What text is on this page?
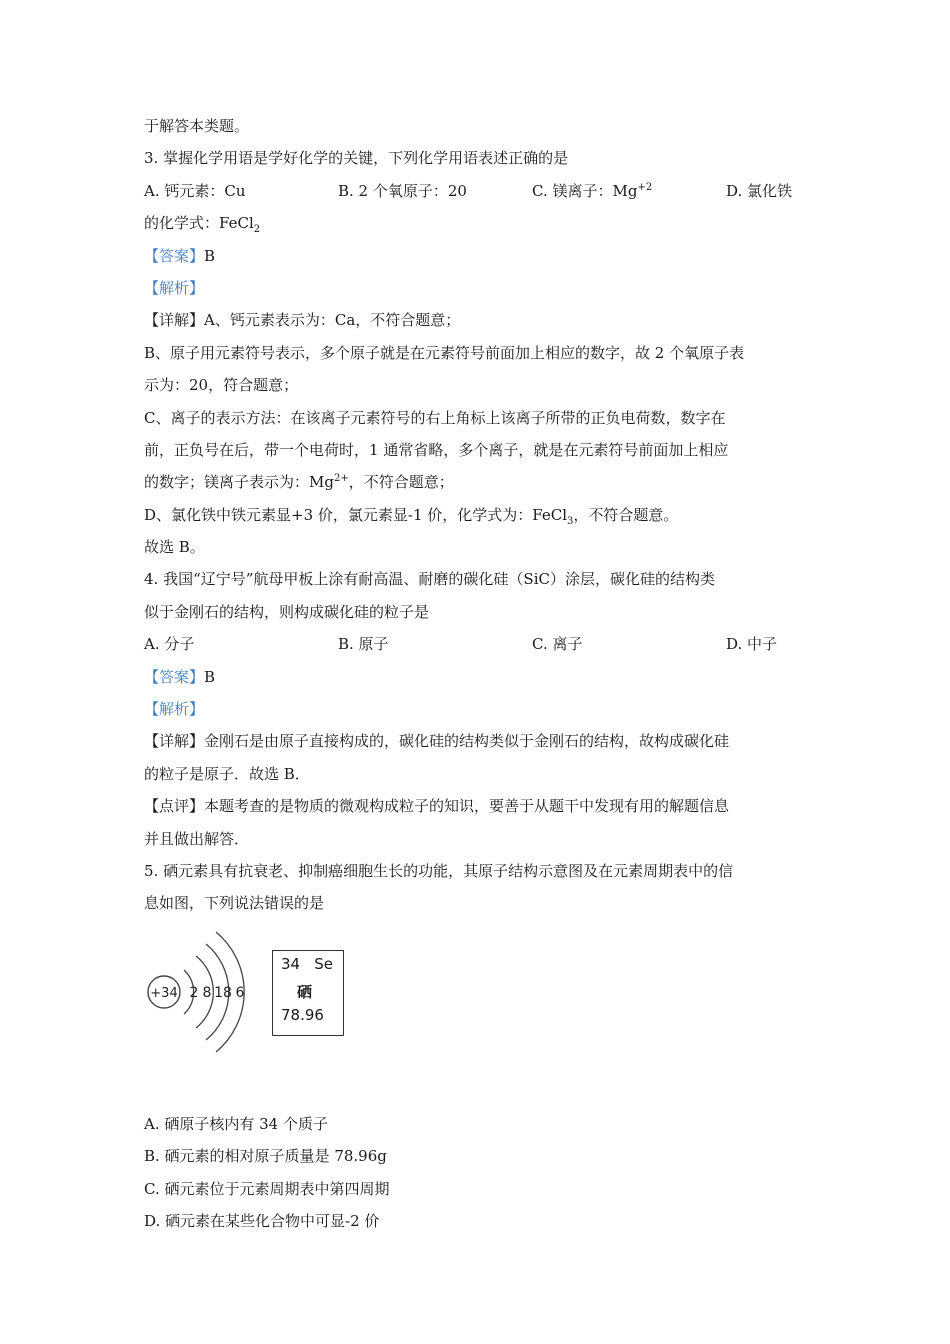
于解答本类题。
3. 掌握化学用语是学好化学的关键，下列化学用语表述正确的是
A. 钙元素：Cu	B. 2 个氧原子：20	C. 镁离子：$Mg^{+2}$	D. 氯化铁
的化学式：FeCl$_2$
【答案】B
【解析】
【详解】A、钙元素表示为：Ca，不符合题意；
B、原子用元素符号表示，多个原子就是在元素符号前面加上相应的数字，故 2 个氧原子表
示为：20，符合题意；
C、离子的表示方法：在该离子元素符号的右上角标上该离子所带的正负电荷数，数字在
前，正负号在后，带一个电荷时，1 通常省略，多个离子，就是在元素符号前面加上相应
的数字；镁离子表示为：$Mg^{2+}$，不符合题意；
D、氯化铁中铁元素显+3 价，氯元素显-1 价，化学式为：FeCl$_3$，不符合题意。
故选 B。
4. 我国“辽宁号”航母甲板上涂有耐高温、耐磨的碳化硅（SiC）涂层，碳化硅的结构类
似于金刚石的结构，则构成碳化硅的粒子是
A. 分子	B. 原子	C. 离子	D. 中子
【答案】B
【解析】
【详解】金刚石是由原子直接构成的，碳化硅的结构类似于金刚石的结构，故构成碳化硅
的粒子是原子．故选 B．
【点评】本题考查的是物质的微观构成粒子的知识，要善于从题干中发现有用的解题信息
并且做出解答．
5. 硒元素具有抗衰老、抑制癌细胞生长的功能，其原子结构示意图及在元素周期表中的信
息如图，下列说法错误的是
+34 2 8 18 6
34 Se
硒
78.96
A. 硒原子核内有 34 个质子
B. 硒元素的相对原子质量是 78.96g
C. 硒元素位于元素周期表中第四周期
D. 硒元素在某些化合物中可显-2 价
